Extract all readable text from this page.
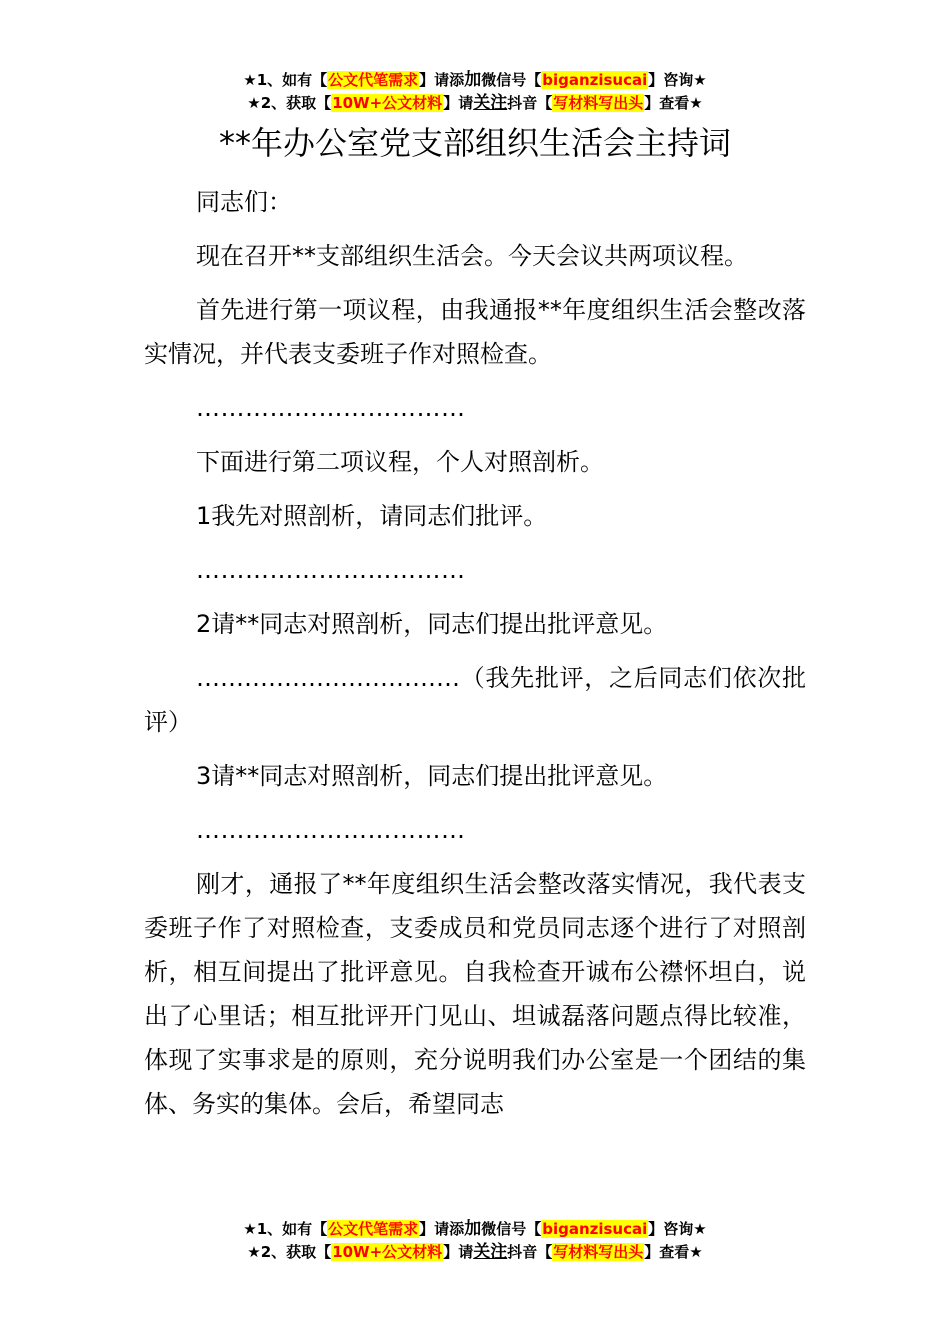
★1、如有【公文代笔需求】请添加微信号【biganzisucai】咨询★
★2、获取【10W+公文材料】请关注抖音【写材料写出头】查看★
**年办公室党支部组织生活会主持词

同志们：

现在召开**支部组织生活会。今天会议共两项议程。

首先进行第一项议程，由我通报**年度组织生活会整改落实情况，并代表支委班子作对照检查。

……………………………

下面进行第二项议程，个人对照剖析。

1我先对照剖析，请同志们批评。

……………………………

2请**同志对照剖析，同志们提出批评意见。

……………………………（我先批评，之后同志们依次批评）

3请**同志对照剖析，同志们提出批评意见。

……………………………

刚才，通报了**年度组织生活会整改落实情况，我代表支委班子作了对照检查，支委成员和党员同志逐个进行了对照剖析，相互间提出了批评意见。自我检查开诚布公襟怀坦白，说出了心里话；相互批评开门见山、坦诚磊落问题点得比较准，体现了实事求是的原则，充分说明我们办公室是一个团结的集体、务实的集体。会后，希望同志

★1、如有【公文代笔需求】请添加微信号【biganzisucai】咨询★
★2、获取【10W+公文材料】请关注抖音【写材料写出头】查看★
